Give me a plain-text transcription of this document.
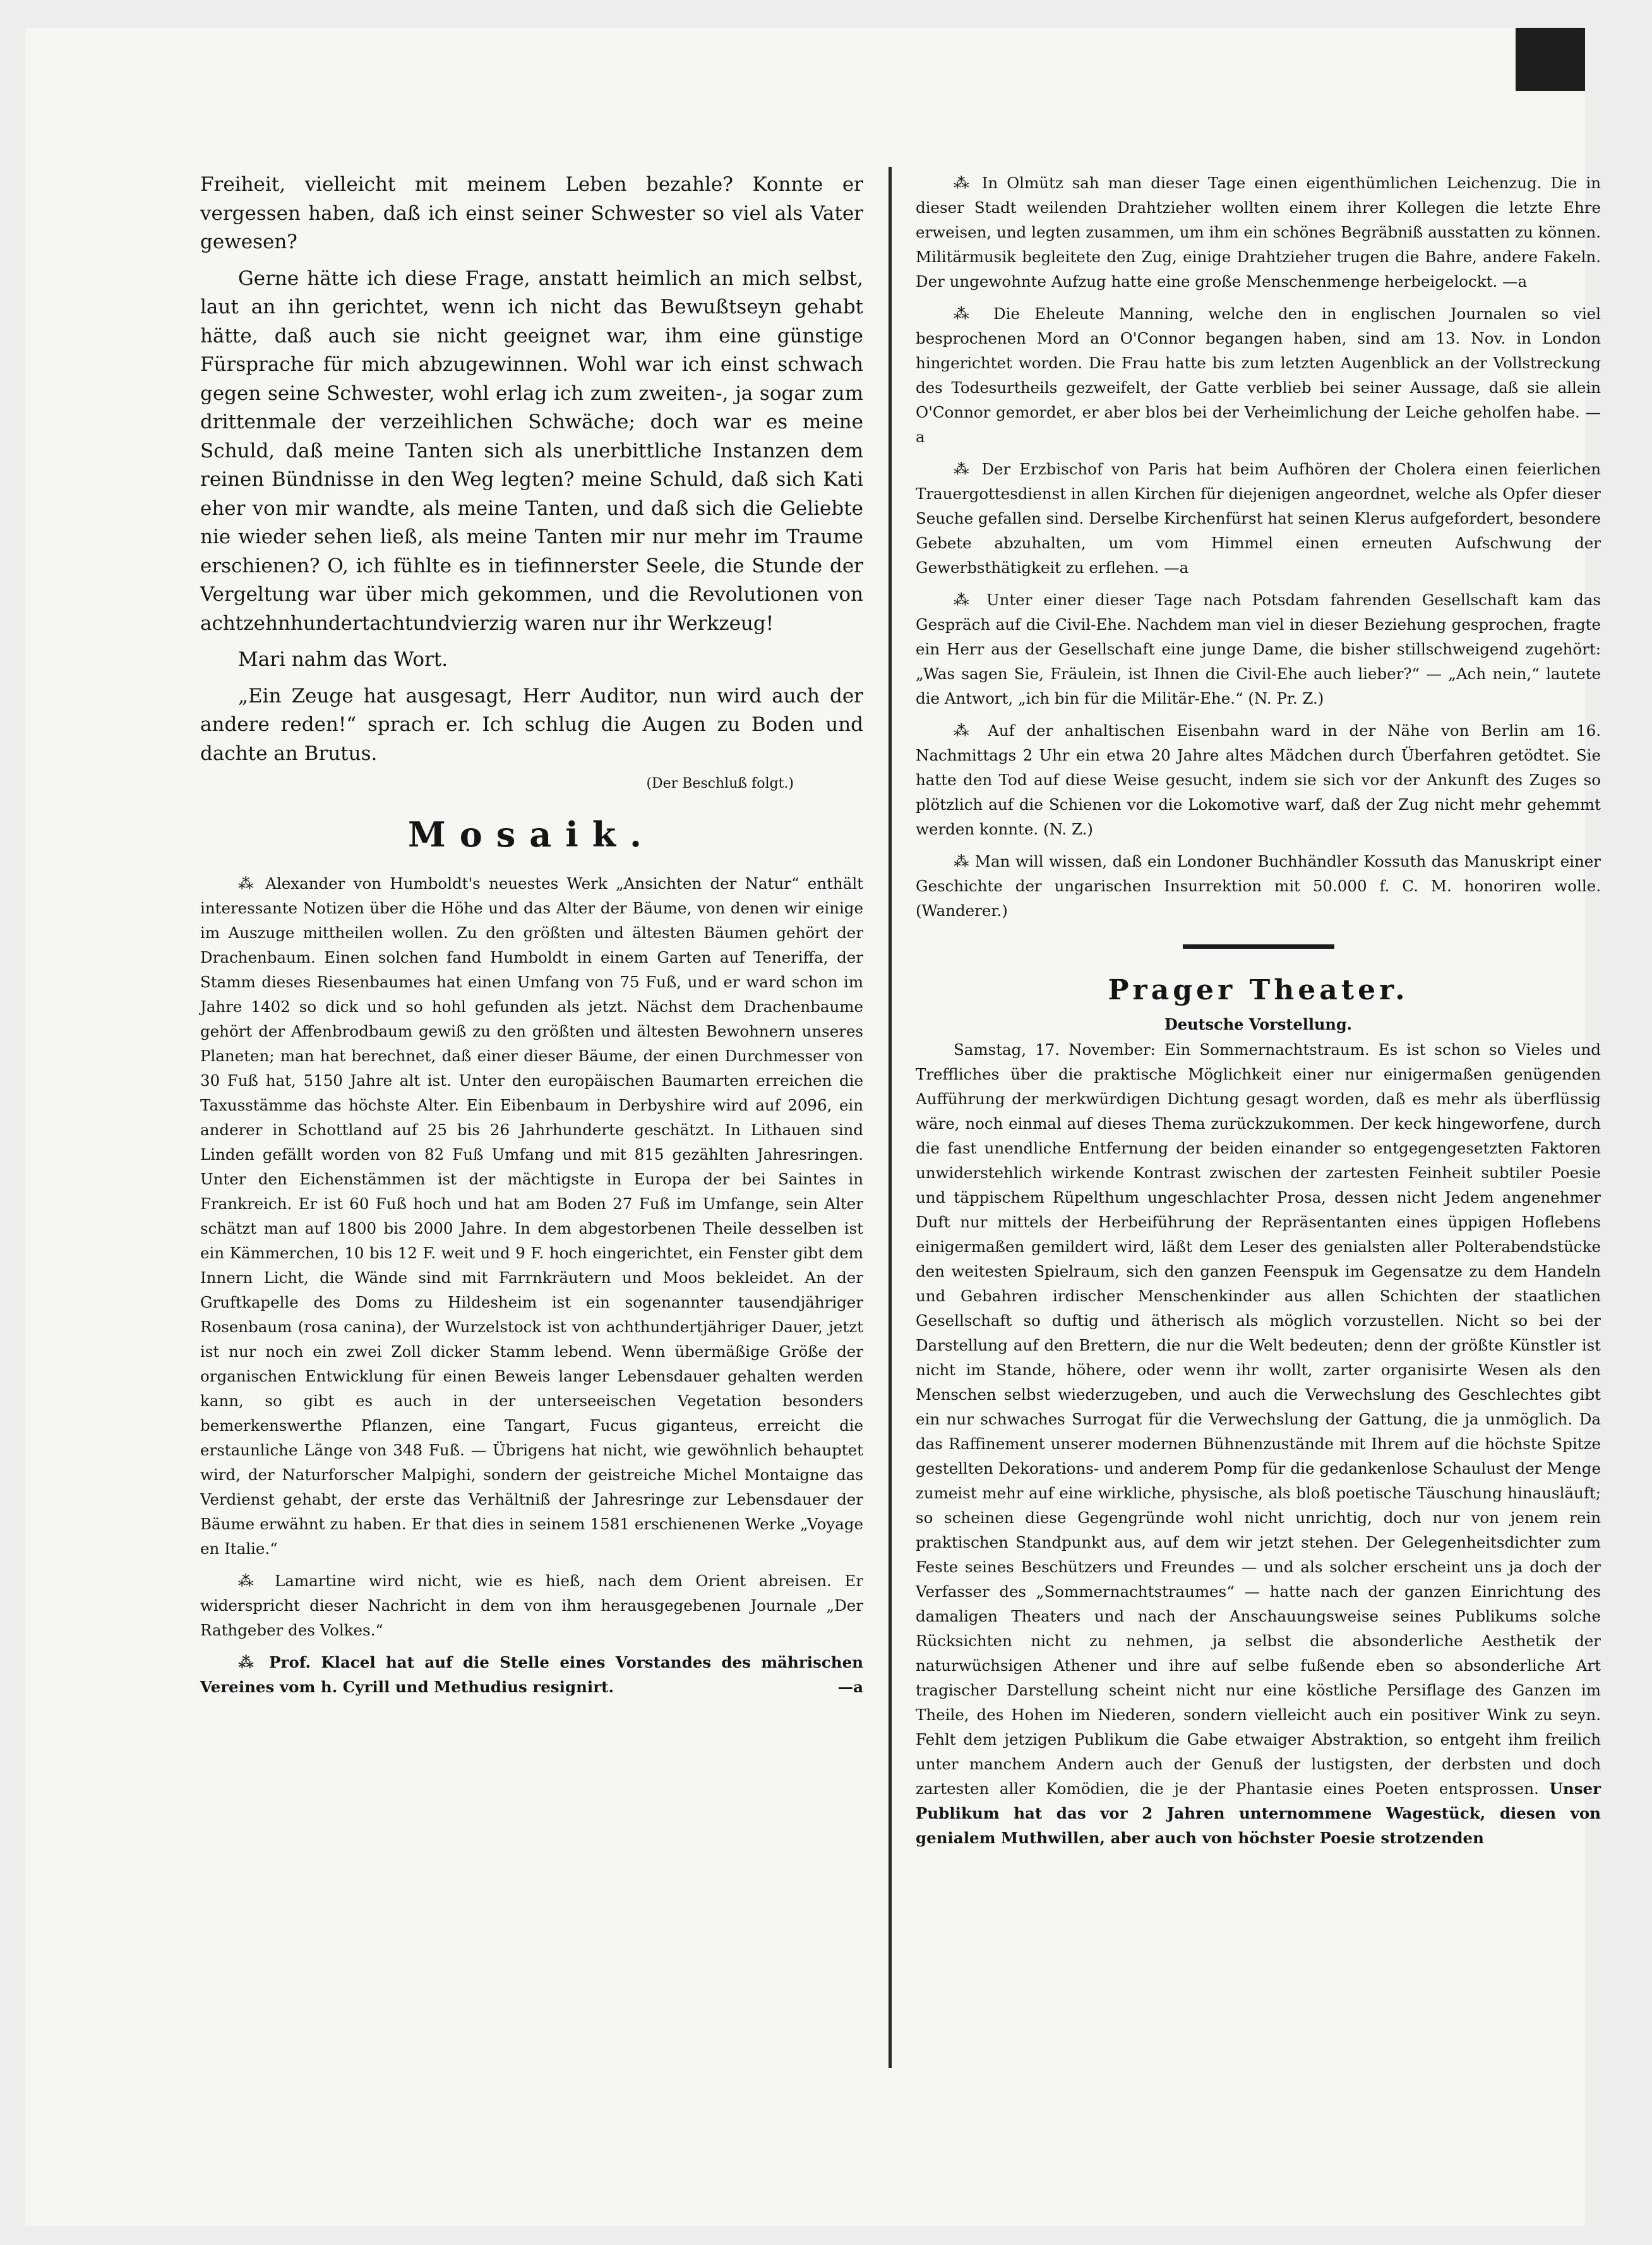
Freiheit, vielleicht mit meinem Leben bezahle? Konnte er vergessen haben, daß ich einst seiner Schwester so viel als Vater gewesen?

Gerne hätte ich diese Frage, anstatt heimlich an mich selbst, laut an ihn gerichtet, wenn ich nicht das Bewußtseyn gehabt hätte, daß auch sie nicht geeignet war, ihm eine günstige Fürsprache für mich abzugewinnen. Wohl war ich einst schwach gegen seine Schwester, wohl erlag ich zum zweiten-, ja sogar zum drittenmale der verzeihlichen Schwäche; doch war es meine Schuld, daß meine Tanten sich als unerbittliche Instanzen dem reinen Bündnisse in den Weg legten? meine Schuld, daß sich Kati eher von mir wandte, als meine Tanten, und daß sich die Geliebte nie wieder sehen ließ, als meine Tanten mir nur mehr im Traume erschienen? O, ich fühlte es in tiefinnerster Seele, die Stunde der Vergeltung war über mich gekommen, und die Revolutionen von achtzehnhundertachtundvierzig waren nur ihr Werkzeug!

Mari nahm das Wort.

„Ein Zeuge hat ausgesagt, Herr Auditor, nun wird auch der andere reden!“ sprach er. Ich schlug die Augen zu Boden und dachte an Brutus.

(Der Beschluß folgt.)
Mosaik.

⁂ Alexander von Humboldt's neuestes Werk „Ansichten der Natur“ enthält interessante Notizen über die Höhe und das Alter der Bäume, von denen wir einige im Auszuge mittheilen wollen. Zu den größten und ältesten Bäumen gehört der Drachenbaum. Einen solchen fand Humboldt in einem Garten auf Teneriffa, der Stamm dieses Riesenbaumes hat einen Umfang von 75 Fuß, und er ward schon im Jahre 1402 so dick und so hohl gefunden als jetzt. Nächst dem Drachenbaume gehört der Affenbrodbaum gewiß zu den größten und ältesten Bewohnern unseres Planeten; man hat berechnet, daß einer dieser Bäume, der einen Durchmesser von 30 Fuß hat, 5150 Jahre alt ist. Unter den europäischen Baumarten erreichen die Taxusstämme das höchste Alter. Ein Eibenbaum in Derbyshire wird auf 2096, ein anderer in Schottland auf 25 bis 26 Jahrhunderte geschätzt. In Lithauen sind Linden gefällt worden von 82 Fuß Umfang und mit 815 gezählten Jahresringen. Unter den Eichenstämmen ist der mächtigste in Europa der bei Saintes in Frankreich. Er ist 60 Fuß hoch und hat am Boden 27 Fuß im Umfange, sein Alter schätzt man auf 1800 bis 2000 Jahre. In dem abgestorbenen Theile desselben ist ein Kämmerchen, 10 bis 12 F. weit und 9 F. hoch eingerichtet, ein Fenster gibt dem Innern Licht, die Wände sind mit Farrnkräutern und Moos bekleidet. An der Gruftkapelle des Doms zu Hildesheim ist ein sogenannter tausendjähriger Rosenbaum (rosa canina), der Wurzelstock ist von achthundertjähriger Dauer, jetzt ist nur noch ein zwei Zoll dicker Stamm lebend. Wenn übermäßige Größe der organischen Entwicklung für einen Beweis langer Lebensdauer gehalten werden kann, so gibt es auch in der unterseeischen Vegetation besonders bemerkenswerthe Pflanzen, eine Tangart, Fucus giganteus, erreicht die erstaunliche Länge von 348 Fuß. — Übrigens hat nicht, wie gewöhnlich behauptet wird, der Naturforscher Malpighi, sondern der geistreiche Michel Montaigne das Verdienst gehabt, der erste das Verhältniß der Jahresringe zur Lebensdauer der Bäume erwähnt zu haben. Er that dies in seinem 1581 erschienenen Werke „Voyage en Italie.“

⁂ Lamartine wird nicht, wie es hieß, nach dem Orient abreisen. Er widerspricht dieser Nachricht in dem von ihm herausgegebenen Journale „Der Rathgeber des Volkes.“

⁂ Prof. Klacel hat auf die Stelle eines Vorstandes des mährischen Vereines vom h. Cyrill und Methudius resignirt.	—a

⁂ In Olmütz sah man dieser Tage einen eigenthümlichen Leichenzug. Die in dieser Stadt weilenden Drahtzieher wollten einem ihrer Kollegen die letzte Ehre erweisen, und legten zusammen, um ihm ein schönes Begräbniß ausstatten zu können. Militärmusik begleitete den Zug, einige Drahtzieher trugen die Bahre, andere Fakeln. Der ungewohnte Aufzug hatte eine große Menschenmenge herbeigelockt. —a

⁂ Die Eheleute Manning, welche den in englischen Journalen so viel besprochenen Mord an O'Connor begangen haben, sind am 13. Nov. in London hingerichtet worden. Die Frau hatte bis zum letzten Augenblick an der Vollstreckung des Todesurtheils gezweifelt, der Gatte verblieb bei seiner Aussage, daß sie allein O'Connor gemordet, er aber blos bei der Verheimlichung der Leiche geholfen habe. —a

⁂ Der Erzbischof von Paris hat beim Aufhören der Cholera einen feierlichen Trauergottesdienst in allen Kirchen für diejenigen angeordnet, welche als Opfer dieser Seuche gefallen sind. Derselbe Kirchenfürst hat seinen Klerus aufgefordert, besondere Gebete abzuhalten, um vom Himmel einen erneuten Aufschwung der Gewerbsthätigkeit zu erflehen. —a

⁂ Unter einer dieser Tage nach Potsdam fahrenden Gesellschaft kam das Gespräch auf die Civil-Ehe. Nachdem man viel in dieser Beziehung gesprochen, fragte ein Herr aus der Gesellschaft eine junge Dame, die bisher stillschweigend zugehört: „Was sagen Sie, Fräulein, ist Ihnen die Civil-Ehe auch lieber?“ — „Ach nein,“ lautete die Antwort, „ich bin für die Militär-Ehe.“ (N. Pr. Z.)

⁂ Auf der anhaltischen Eisenbahn ward in der Nähe von Berlin am 16. Nachmittags 2 Uhr ein etwa 20 Jahre altes Mädchen durch Überfahren getödtet. Sie hatte den Tod auf diese Weise gesucht, indem sie sich vor der Ankunft des Zuges so plötzlich auf die Schienen vor die Lokomotive warf, daß der Zug nicht mehr gehemmt werden konnte. (N. Z.)

⁂ Man will wissen, daß ein Londoner Buchhändler Kossuth das Manuskript einer Geschichte der ungarischen Insurrektion mit 50.000 f. C. M. honoriren wolle. (Wanderer.)

Prager Theater.
Deutsche Vorstellung.

Samstag, 17. November: Ein Sommernachtstraum. Es ist schon so Vieles und Treffliches über die praktische Möglichkeit einer nur einigermaßen genügenden Aufführung der merkwürdigen Dichtung gesagt worden, daß es mehr als überflüssig wäre, noch einmal auf dieses Thema zurückzukommen. Der keck hingeworfene, durch die fast unendliche Entfernung der beiden einander so entgegengesetzten Faktoren unwiderstehlich wirkende Kontrast zwischen der zartesten Feinheit subtiler Poesie und täppischem Rüpelthum ungeschlachter Prosa, dessen nicht Jedem angenehmer Duft nur mittels der Herbeiführung der Repräsentanten eines üppigen Hoflebens einigermaßen gemildert wird, läßt dem Leser des genialsten aller Polterabendstücke den weitesten Spielraum, sich den ganzen Feenspuk im Gegensatze zu dem Handeln und Gebahren irdischer Menschenkinder aus allen Schichten der staatlichen Gesellschaft so duftig und ätherisch als möglich vorzustellen. Nicht so bei der Darstellung auf den Brettern, die nur die Welt bedeuten; denn der größte Künstler ist nicht im Stande, höhere, oder wenn ihr wollt, zarter organisirte Wesen als den Menschen selbst wiederzugeben, und auch die Verwechslung des Geschlechtes gibt ein nur schwaches Surrogat für die Verwechslung der Gattung, die ja unmöglich. Da das Raffinement unserer modernen Bühnenzustände mit Ihrem auf die höchste Spitze gestellten Dekorations- und anderem Pomp für die gedankenlose Schaulust der Menge zumeist mehr auf eine wirkliche, physische, als bloß poetische Täuschung hinausläuft; so scheinen diese Gegengründe wohl nicht unrichtig, doch nur von jenem rein praktischen Standpunkt aus, auf dem wir jetzt stehen. Der Gelegenheitsdichter zum Feste seines Beschützers und Freundes — und als solcher erscheint uns ja doch der Verfasser des „Sommernachtstraumes“ — hatte nach der ganzen Einrichtung des damaligen Theaters und nach der Anschauungsweise seines Publikums solche Rücksichten nicht zu nehmen, ja selbst die absonderliche Aesthetik der naturwüchsigen Athener und ihre auf selbe fußende eben so absonderliche Art tragischer Darstellung scheint nicht nur eine köstliche Persiflage des Ganzen im Theile, des Hohen im Niederen, sondern vielleicht auch ein positiver Wink zu seyn. Fehlt dem jetzigen Publikum die Gabe etwaiger Abstraktion, so entgeht ihm freilich unter manchem Andern auch der Genuß der lustigsten, der derbsten und doch zartesten aller Komödien, die je der Phantasie eines Poeten entsprossen. Unser Publikum hat das vor 2 Jahren unternommene Wagestück, diesen von genialem Muthwillen, aber auch von höchster Poesie strotzenden
